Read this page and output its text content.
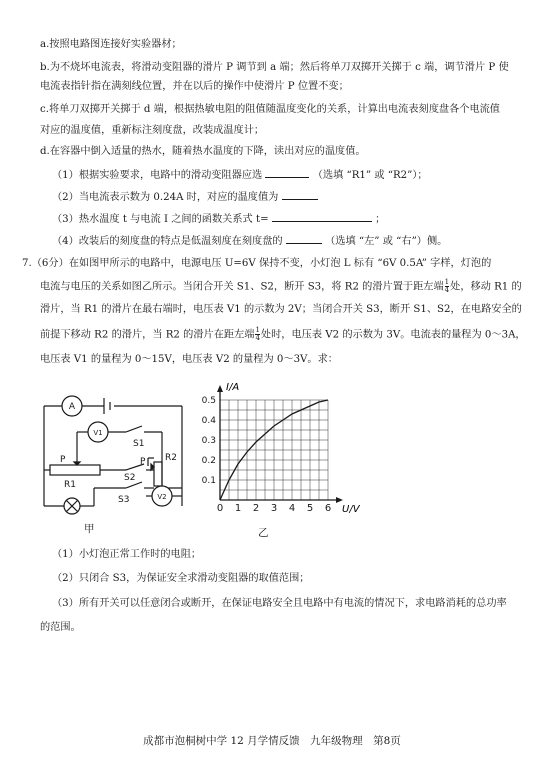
a.按照电路图连接好实验器材；
b.为不烧坏电流表，将滑动变阻器的滑片 P 调节到 a 端；然后将单刀双掷开关掷于 c 端，调节滑片 P 使
电流表指针指在满刻线位置，并在以后的操作中使滑片 P 位置不变；
c.将单刀双掷开关掷于 d 端，根据热敏电阻的阻值随温度变化的关系，计算出电流表刻度盘各个电流值
对应的温度值，重新标注刻度盘，改装成温度计；
d.在容器中倒入适量的热水，随着热水温度的下降，读出对应的温度值。
（1）根据实验要求，电路中的滑动变阻器应选	（选填 “R1” 或 “R2”）；
（2）当电流表示数为 0.24A 时，对应的温度值为
（3）热水温度 t 与电流 I 之间的函数关系式 t=	；
（4）改装后的刻度盘的特点是低温刻度在刻度盘的	（选填 “左” 或 “右”）侧。
7.（6分）在如图甲所示的电路中，电源电压 U=6V 保持不变，小灯泡 L 标有 “6V 0.5A” 字样，灯泡的
电流与电压的关系如图乙所示。当闭合开关 S1、S2，断开 S3，将 R2 的滑片置于距左端 $\frac{1}{4}$ 处，移动 R1 的
滑片，当 R1 的滑片在最右端时，电压表 V1 的示数为 2V；当闭合开关 S3，断开 S1、S2，在电路安全的
前提下移动 R2 的滑片，当 R2 的滑片在距左端 $\frac{1}{4}$ 处时，电压表 V2 的示数为 3V。电流表的量程为 0～3A，
电压表 V1 的量程为 0～15V，电压表 V2 的量程为 0～3V。求：
A
V1
V2
S1
S2
S3
P	P
R1
R2
甲
0 1 2 3 4 5 6
0.1
0.2
0.3
0.4
0.5
I/A
U/V
乙
（1）小灯泡正常工作时的电阻；
（2）只闭合 S3，为保证安全求滑动变阻器的取值范围；
（3）所有开关可以任意闭合或断开，在保证电路安全且电路中有电流的情况下，求电路消耗的总功率
的范围。
成都市泡桐树中学 12 月学情反馈　九年级物理　第8页
